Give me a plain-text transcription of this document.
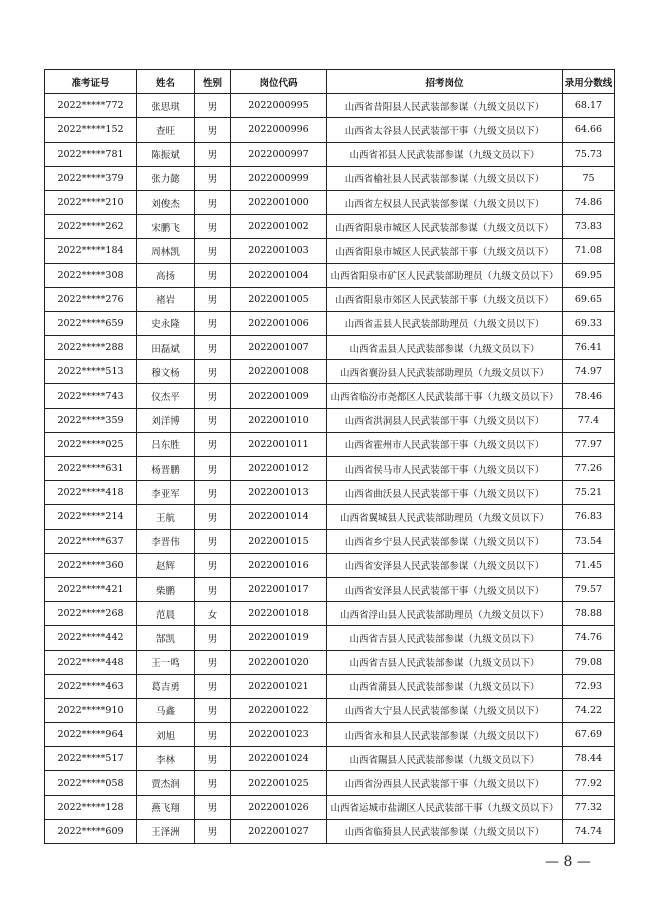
准考证号	姓名	性别	岗位代码	招考岗位	录用分数线
2022*****772	张思琪	男	2022000995	山西省昔阳县人民武装部参谋（九级文员以下）	68.17
2022*****152	查旺	男	2022000996	山西省太谷县人民武装部干事（九级文员以下）	64.66
2022*****781	陈振斌	男	2022000997	山西省祁县人民武装部参谋（九级文员以下）	75.73
2022*****379	张力懿	男	2022000999	山西省榆社县人民武装部参谋（九级文员以下）	75
2022*****210	刘俊杰	男	2022001000	山西省左权县人民武装部参谋（九级文员以下）	74.86
2022*****262	宋鹏飞	男	2022001002	山西省阳泉市城区人民武装部参谋（九级文员以下）	73.83
2022*****184	周林凯	男	2022001003	山西省阳泉市城区人民武装部干事（九级文员以下）	71.08
2022*****308	高扬	男	2022001004	山西省阳泉市矿区人民武装部助理员（九级文员以下）	69.95
2022*****276	褚岩	男	2022001005	山西省阳泉市郊区人民武装部干事（九级文员以下）	69.65
2022*****659	史永隆	男	2022001006	山西省盂县人民武装部助理员（九级文员以下）	69.33
2022*****288	田磊斌	男	2022001007	山西省盂县人民武装部参谋（九级文员以下）	76.41
2022*****513	穆文杨	男	2022001008	山西省襄汾县人民武装部助理员（九级文员以下）	74.97
2022*****743	仪杰平	男	2022001009	山西省临汾市尧都区人民武装部干事（九级文员以下）	78.46
2022*****359	刘洋博	男	2022001010	山西省洪洞县人民武装部干事（九级文员以下）	77.4
2022*****025	吕东胜	男	2022001011	山西省霍州市人民武装部干事（九级文员以下）	77.97
2022*****631	杨晋鹏	男	2022001012	山西省侯马市人民武装部干事（九级文员以下）	77.26
2022*****418	李亚军	男	2022001013	山西省曲沃县人民武装部干事（九级文员以下）	75.21
2022*****214	王航	男	2022001014	山西省翼城县人民武装部助理员（九级文员以下）	76.83
2022*****637	李晋伟	男	2022001015	山西省乡宁县人民武装部参谋（九级文员以下）	73.54
2022*****360	赵辉	男	2022001016	山西省安泽县人民武装部参谋（九级文员以下）	71.45
2022*****421	柴鹏	男	2022001017	山西省安泽县人民武装部干事（九级文员以下）	79.57
2022*****268	范晨	女	2022001018	山西省浮山县人民武装部助理员（九级文员以下）	78.88
2022*****442	郜凯	男	2022001019	山西省吉县人民武装部参谋（九级文员以下）	74.76
2022*****448	王一鸣	男	2022001020	山西省吉县人民武装部参谋（九级文员以下）	79.08
2022*****463	葛吉勇	男	2022001021	山西省蒲县人民武装部参谋（九级文员以下）	72.93
2022*****910	马鑫	男	2022001022	山西省大宁县人民武装部参谋（九级文员以下）	74.22
2022*****964	刘旭	男	2022001023	山西省永和县人民武装部参谋（九级文员以下）	67.69
2022*****517	李林	男	2022001024	山西省隰县人民武装部参谋（九级文员以下）	78.44
2022*****058	贾杰润	男	2022001025	山西省汾西县人民武装部干事（九级文员以下）	77.92
2022*****128	燕飞翔	男	2022001026	山西省运城市盐湖区人民武装部干事（九级文员以下）	77.32
2022*****609	王泽洲	男	2022001027	山西省临猗县人民武装部参谋（九级文员以下）	74.74
— 8 —
